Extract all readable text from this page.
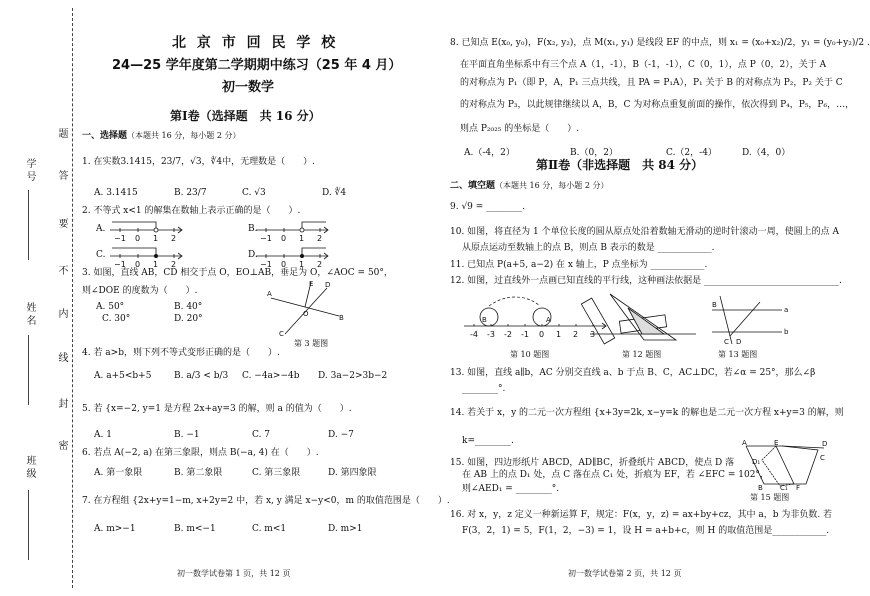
学 号
姓 名
班 级
题
答
要
不
内
线
封
密
北 京 市 回 民 学 校
24—25 学年度第二学期期中练习（25 年 4 月）
初一数学
第Ⅰ卷（选择题　共 16 分）
一、选择题（本题共 16 分，每小题 2 分）
1. 在实数3.1415，23/7，√3，∜4中，无理数是（　　）.
A. 3.1415	B. 23/7	C. √3	D. ∜4
2. 不等式 x<1 的解集在数轴上表示正确的是（　　）.
A.	B.
C.	D.
−1 0 1 2	−1 0 1 2
−1 0 1 2	−1 0 1 2
3. 如图，直线 AB，CD 相交于点 O，EO⊥AB，垂足为 O，∠AOC = 50°，
则∠DOE 的度数为（　　）.
A. 50°	B. 40°
C. 30°	D. 20°
E D
A
O	B
C
第 3 题图
4. 若 a>b，则下列不等式变形正确的是（　　）.
A. a+5<b+5	B. a/3 < b/3 C. −4a>−4b D. 3a−2>3b−2
5. 若 {x=−2, y=1 是方程 2x+ay=3 的解，则 a 的值为（　　）.
A. 1	B. −1	C. 7	D. −7
6. 若点 A(−2, a) 在第三象限，则点 B(−a, 4) 在（　　）.
A. 第一象限	B. 第二象限	C. 第三象限	D. 第四象限
7. 在方程组 {2x+y=1−m, x+2y=2 中，若 x, y 满足 x−y<0，m 的取值范围是（　　）.
A. m>−1	B. m<−1	C. m<1	D. m>1
初一数学试卷第 1 页，共 12 页
8. 已知点 E(x₀, y₀)，F(x₂, y₂)，点 M(x₁, y₁) 是线段 EF 的中点，则 x₁ = (x₀+x₂)/2，y₁ = (y₀+y₂)/2 .
在平面直角坐标系中有三个点 A（1，-1），B（-1，-1），C（0，1），点 P（0，2），关于 A
的对称点为 P₁（即 P，A，P₁ 三点共线，且 PA = P₁A），P₁ 关于 B 的对称点为 P₂，P₂ 关于 C
的对称点为 P₃，以此规律继续以 A，B，C 为对称点重复前面的操作，依次得到 P₄，P₅，P₆，…，
则点 P₂₀₂₅ 的坐标是（　　）.
A.（-4，2）	B.（0，2）	C.（2，-4）	D.（4，0）
第Ⅱ卷（非选择题　共 84 分）
二、填空题（本题共 16 分，每小题 2 分）
9. √9 = ________.
10. 如图，将直径为 1 个单位长度的圆从原点处沿着数轴无滑动的逆时针滚动一周，使圆上的点 A
从原点运动至数轴上的点 B，则点 B 表示的数是 ____________.
11. 已知点 P(a+5, a−2) 在 x 轴上，P 点坐标为 ____________.
12. 如图，过直线外一点画已知直线的平行线，这种画法依据是 ______________________________.
-4 -3 -2 -1 0 1 2 3
B	A
第 10 题图	第 12 题图
B
a
C D
b
第 13 题图
13. 如图，直线 a∥b，AC 分别交直线 a、b 于点 B、C，AC⊥DC，若∠α = 25°，那么∠β
________°.
14. 若关于 x，y 的二元一次方程组 {x+3y=2k, x−y=k 的解也是二元一次方程 x+y=3 的解，则
k=________.
15. 如图，四边形纸片 ABCD，AD∥BC，折叠纸片 ABCD，使点 D 落
在 AB 上的点 D₁ 处，点 C 落在点 C₁ 处，折痕为 EF，若 ∠EFC = 102°，
则∠AED₁ = ________°.
A	E	D
D₁
B	F
C
C₁
第 15 题图
16. 对 x，y，z 定义一种新运算 F，规定：F(x，y，z) = ax+by+cz，其中 a，b 为非负数. 若
F(3，2，1) = 5，F(1，2，−3) = 1，设 H = a+b+c，则 H 的取值范围是____________.
初一数学试卷第 2 页，共 12 页
